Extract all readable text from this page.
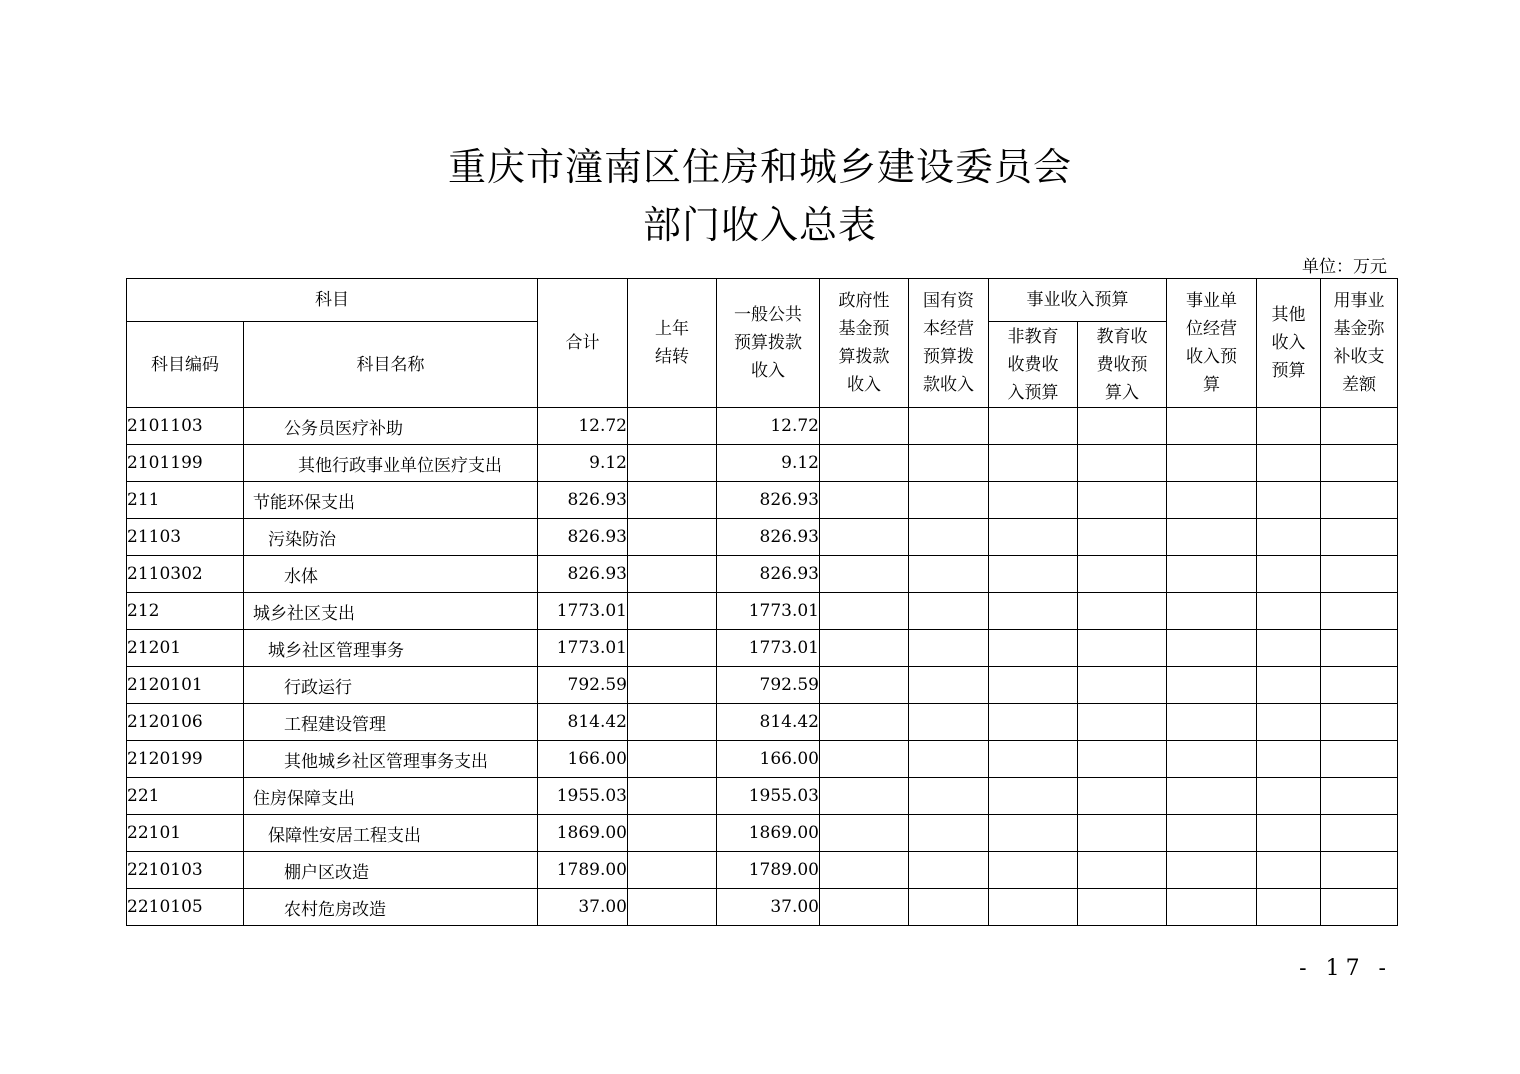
重庆市潼南区住房和城乡建设委员会
部门收入总表
单位：万元
科目		合计	上年结转	一般公共预算拨款收入	政府性基金预算拨款收入	国有资本经营预算拨款收入	事业收入预算		事业单位经营收入预算	其他收入预算	用事业基金弥补收支差额

科目编码	科目名称						非教育收费收入预算	教育收费收预算入			

2101103	公务员医疗补助	12.72		12.72							
2101199	其他行政事业单位医疗支出	9.12		9.12							
211	节能环保支出	826.93		826.93							
21103	污染防治	826.93		826.93							
2110302	水体	826.93		826.93							
212	城乡社区支出	1773.01		1773.01							
21201	城乡社区管理事务	1773.01		1773.01							
2120101	行政运行	792.59		792.59							
2120106	工程建设管理	814.42		814.42							
2120199	其他城乡社区管理事务支出	166.00		166.00							
221	住房保障支出	1955.03		1955.03							
22101	保障性安居工程支出	1869.00		1869.00							
2210103	棚户区改造	1789.00		1789.00							
2210105	农村危房改造	37.00		37.00							
- 17 -
